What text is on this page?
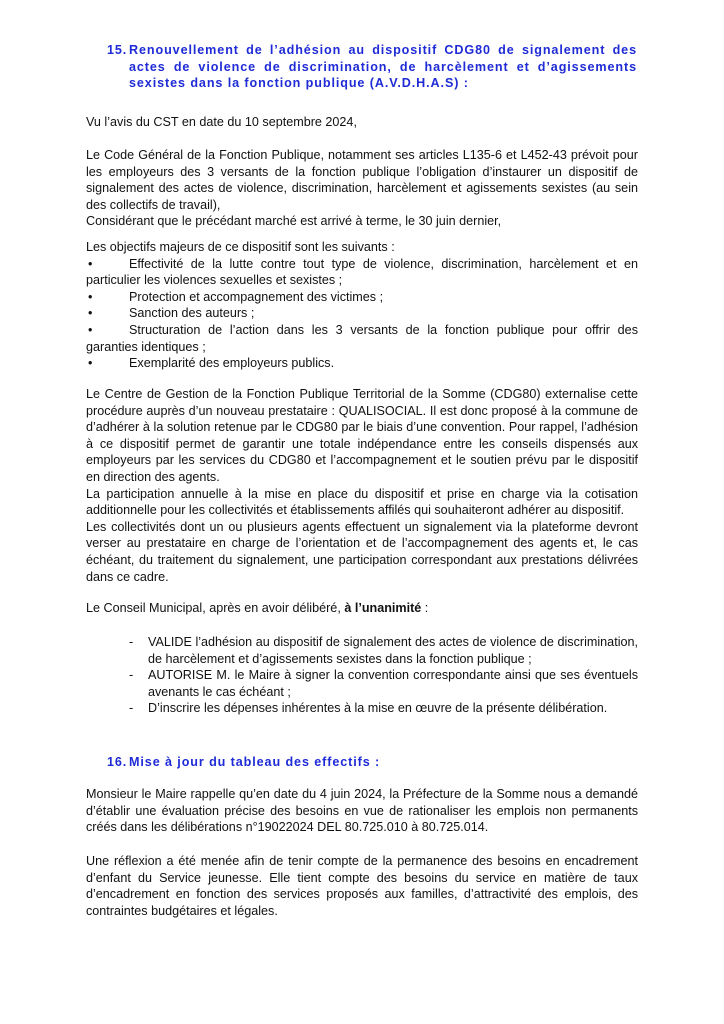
15. Renouvellement de l’adhésion au dispositif CDG80 de signalement des actes de violence de discrimination, de harcèlement et d’agissements sexistes dans la fonction publique (A.V.D.H.A.S) :

Vu l’avis du CST en date du 10 septembre 2024,

Le Code Général de la Fonction Publique, notamment ses articles L135-6 et L452-43 prévoit pour les employeurs des 3 versants de la fonction publique l’obligation d’instaurer un dispositif de signalement des actes de violence, discrimination, harcèlement et agissements sexistes (au sein des collectifs de travail),

Considérant que le précédant marché est arrivé à terme, le 30 juin dernier,

Les objectifs majeurs de ce dispositif sont les suivants :

•	Effectivité de la lutte contre tout type de violence, discrimination, harcèlement et en particulier les violences sexuelles et sexistes ;
•	Protection et accompagnement des victimes ;
•	Sanction des auteurs ;
•	Structuration de l’action dans les 3 versants de la fonction publique pour offrir des garanties identiques ;
•	Exemplarité des employeurs publics.

Le Centre de Gestion de la Fonction Publique Territorial de la Somme (CDG80) externalise cette procédure auprès d’un nouveau prestataire : QUALISOCIAL. Il est donc proposé à la commune de d’adhérer à la solution retenue par le CDG80 par le biais d’une convention. Pour rappel, l’adhésion à ce dispositif permet de garantir une totale indépendance entre les conseils dispensés aux employeurs par les services du CDG80 et l’accompagnement et le soutien prévu par le dispositif en direction des agents.

La participation annuelle à la mise en place du dispositif et prise en charge via la cotisation additionnelle pour les collectivités et établissements affilés qui souhaiteront adhérer au dispositif.

Les collectivités dont un ou plusieurs agents effectuent un signalement via la plateforme devront verser au prestataire en charge de l’orientation et de l’accompagnement des agents et, le cas échéant, du traitement du signalement, une participation correspondant aux prestations délivrées dans ce cadre.

Le Conseil Municipal, après en avoir délibéré, à l’unanimité :

- VALIDE l’adhésion au dispositif de signalement des actes de violence de discrimination, de harcèlement et d’agissements sexistes dans la fonction publique ;
- AUTORISE M. le Maire à signer la convention correspondante ainsi que ses éventuels avenants le cas échéant ;
- D’inscrire les dépenses inhérentes à la mise en œuvre de la présente délibération.
16. Mise à jour du tableau des effectifs :

Monsieur le Maire rappelle qu’en date du 4 juin 2024, la Préfecture de la Somme nous a demandé d’établir une évaluation précise des besoins en vue de rationaliser les emplois non permanents créés dans les délibérations n°19022024 DEL 80.725.010 à 80.725.014.

Une réflexion a été menée afin de tenir compte de la permanence des besoins en encadrement d’enfant du Service jeunesse. Elle tient compte des besoins du service en matière de taux d’encadrement en fonction des services proposés aux familles, d’attractivité des emplois, des contraintes budgétaires et légales.
